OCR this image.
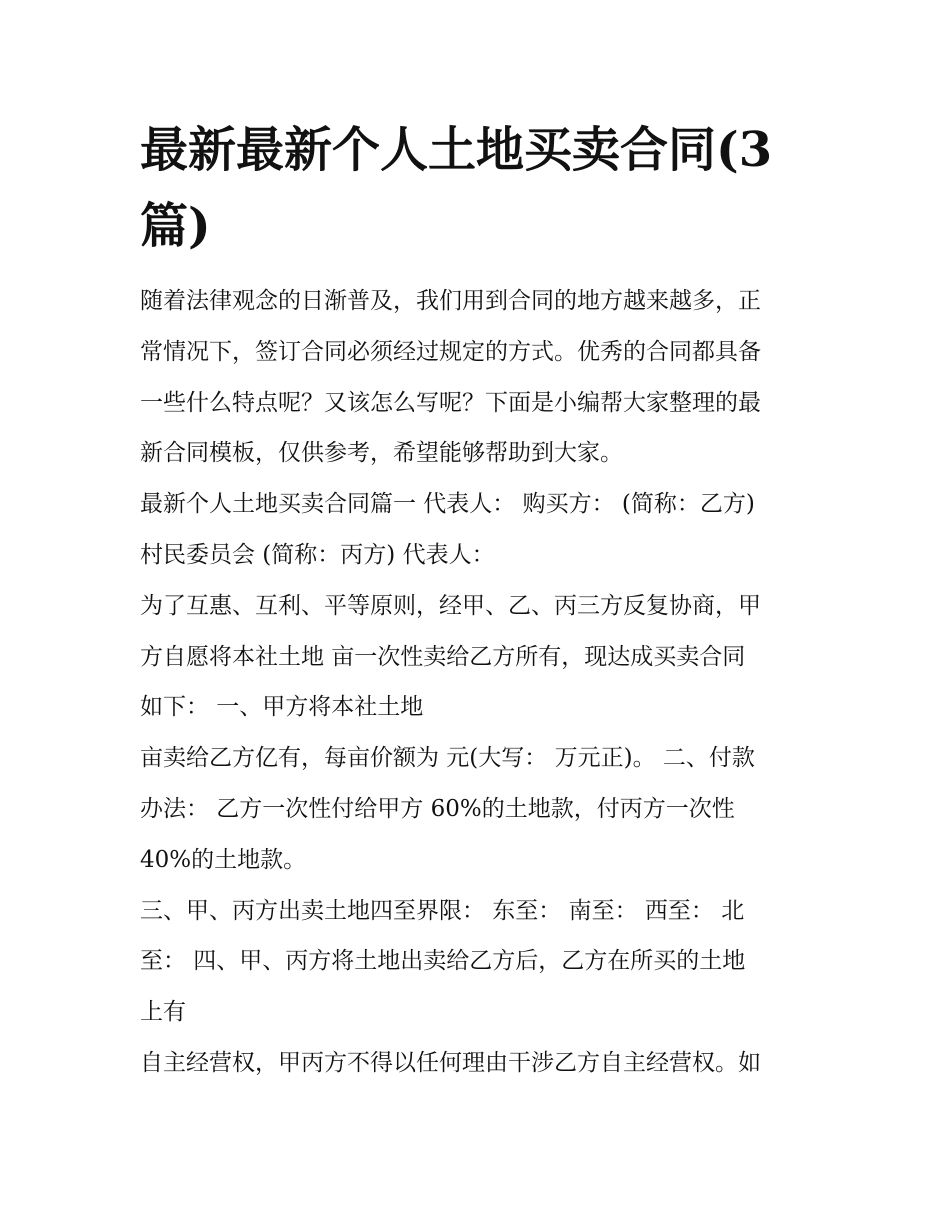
最新最新个人土地买卖合同(3
篇)

随着法律观念的日渐普及，我们用到合同的地方越来越多，正

常情况下，签订合同必须经过规定的方式。优秀的合同都具备

一些什么特点呢？又该怎么写呢？下面是小编帮大家整理的最

新合同模板，仅供参考，希望能够帮助到大家。

最新个人土地买卖合同篇一 代表人： 购买方： (简称：乙方)

村民委员会 (简称：丙方) 代表人：

为了互惠、互利、平等原则，经甲、乙、丙三方反复协商，甲

方自愿将本社土地 亩一次性卖给乙方所有，现达成买卖合同

如下： 一、甲方将本社土地

亩卖给乙方亿有，每亩价额为 元(大写： 万元正)。 二、付款

办法： 乙方一次性付给甲方 60%的土地款，付丙方一次性

40%的土地款。

三、甲、丙方出卖土地四至界限： 东至： 南至： 西至： 北

至： 四、甲、丙方将土地出卖给乙方后，乙方在所买的土地

上有

自主经营权，甲丙方不得以任何理由干涉乙方自主经营权。如
